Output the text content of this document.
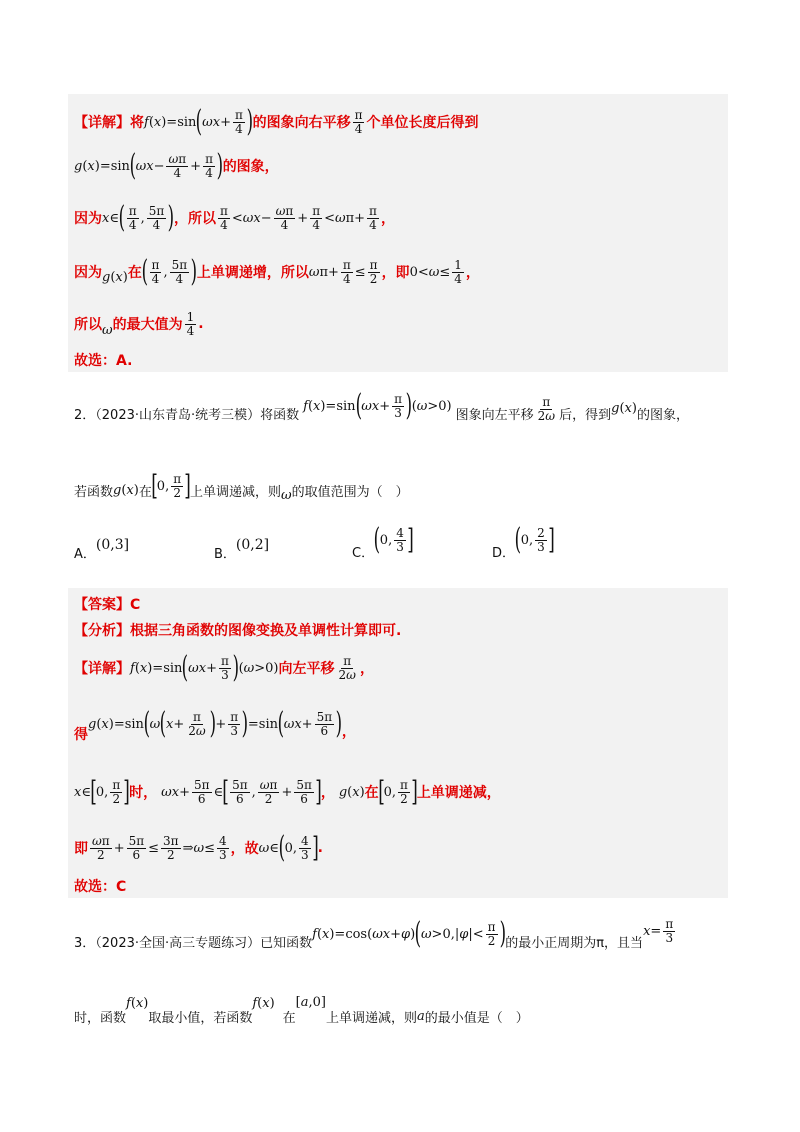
【详解】将 f ( x )=sin ( $\omega x + \frac{\pi}{4}$ ) 的图象向右平移 $\frac{\pi}{4}$ 个单位长度后得到
g ( x )=sin ( $\omega x - \frac{\omega\pi}{4} + \frac{\pi}{4}$ ) 的图象，
因为 x ∈ ( $\frac{\pi}{4}$ , $\frac{5\pi}{4}$ ) ，所以 $\frac{\pi}{4} < \omega x - \frac{\omega\pi}{4} + \frac{\pi}{4} < \omega$ $\pi+ \frac{\pi}{4}$ ，
因为 g ( x ) 在 ( $\frac{\pi}{4}$ , $\frac{5\pi}{4}$ ) 上单调递增，所以 ω $\pi+ \frac{\pi}{4} \le \frac{\pi}{2}$ ，即 $0< \omega \le \frac{1}{4}$ ，
所以 ω 的最大值为 $\frac{1}{4}$ .
故选：A.
2．（2023·山东青岛·统考三模）将函数
f ( x )=sin ( $\omega x + \frac{\pi}{3}$ ) ( ω >0)
图象向左平移 $\frac{\pi}{2\omega}$ 后，得到 g ( x ) 的图象，
若函数 g ( x ) 在 [ 0, $\frac{\pi}{2}$ ] 上单调递减，则 ω 的取值范围为（　）
A．
(0,3]
B．
(0,2]	C． ( 0, $\frac{4}{3}$ ]	D． ( 0, $\frac{2}{3}$ ]
【答案】C
【分析】根据三角函数的图像变换及单调性计算即可.
【详解】 f ( x )=sin ( $\omega x + \frac{\pi}{3}$ ) ( ω >0) 向左平移 $\frac{\pi}{2\omega}$ ，
得
g ( x )=sin ( ω ( $x + \frac{\pi}{2\omega}$ ) + $\frac{\pi}{3}$ ) =sin ( $\omega x + \frac{5\pi}{6}$ ) ，
x ∈ [ 0, $\frac{\pi}{2}$ ] 时， $\omega x + \frac{5\pi}{6}$ ∈ [ $\frac{5\pi}{6}$ , $\frac{\omega\pi}{2} + \frac{5\pi}{6}$ ] ， g ( x ) 在 [ 0, $\frac{\pi}{2}$ ] 上单调递减，
即 $\frac{\omega\pi}{2} + \frac{5\pi}{6} \le \frac{3\pi}{2}$ ⇒ $\omega \le \frac{4}{3}$ ，故 ω ∈ ( 0, $\frac{4}{3}$ ] .
故选：C
3．（2023·全国·高三专题练习）已知函数
f ( x )=cos( ωx + φ ) ( ω >0,| φ |< $\frac{\pi}{2}$ ) 的最小正周期为π，且当
$x = \frac{\pi}{3}$
时，函数
f ( x )
取最小值，若函数
f ( x )
在
[ a ,0]
上单调递减，则 a 的最小值是（　）
